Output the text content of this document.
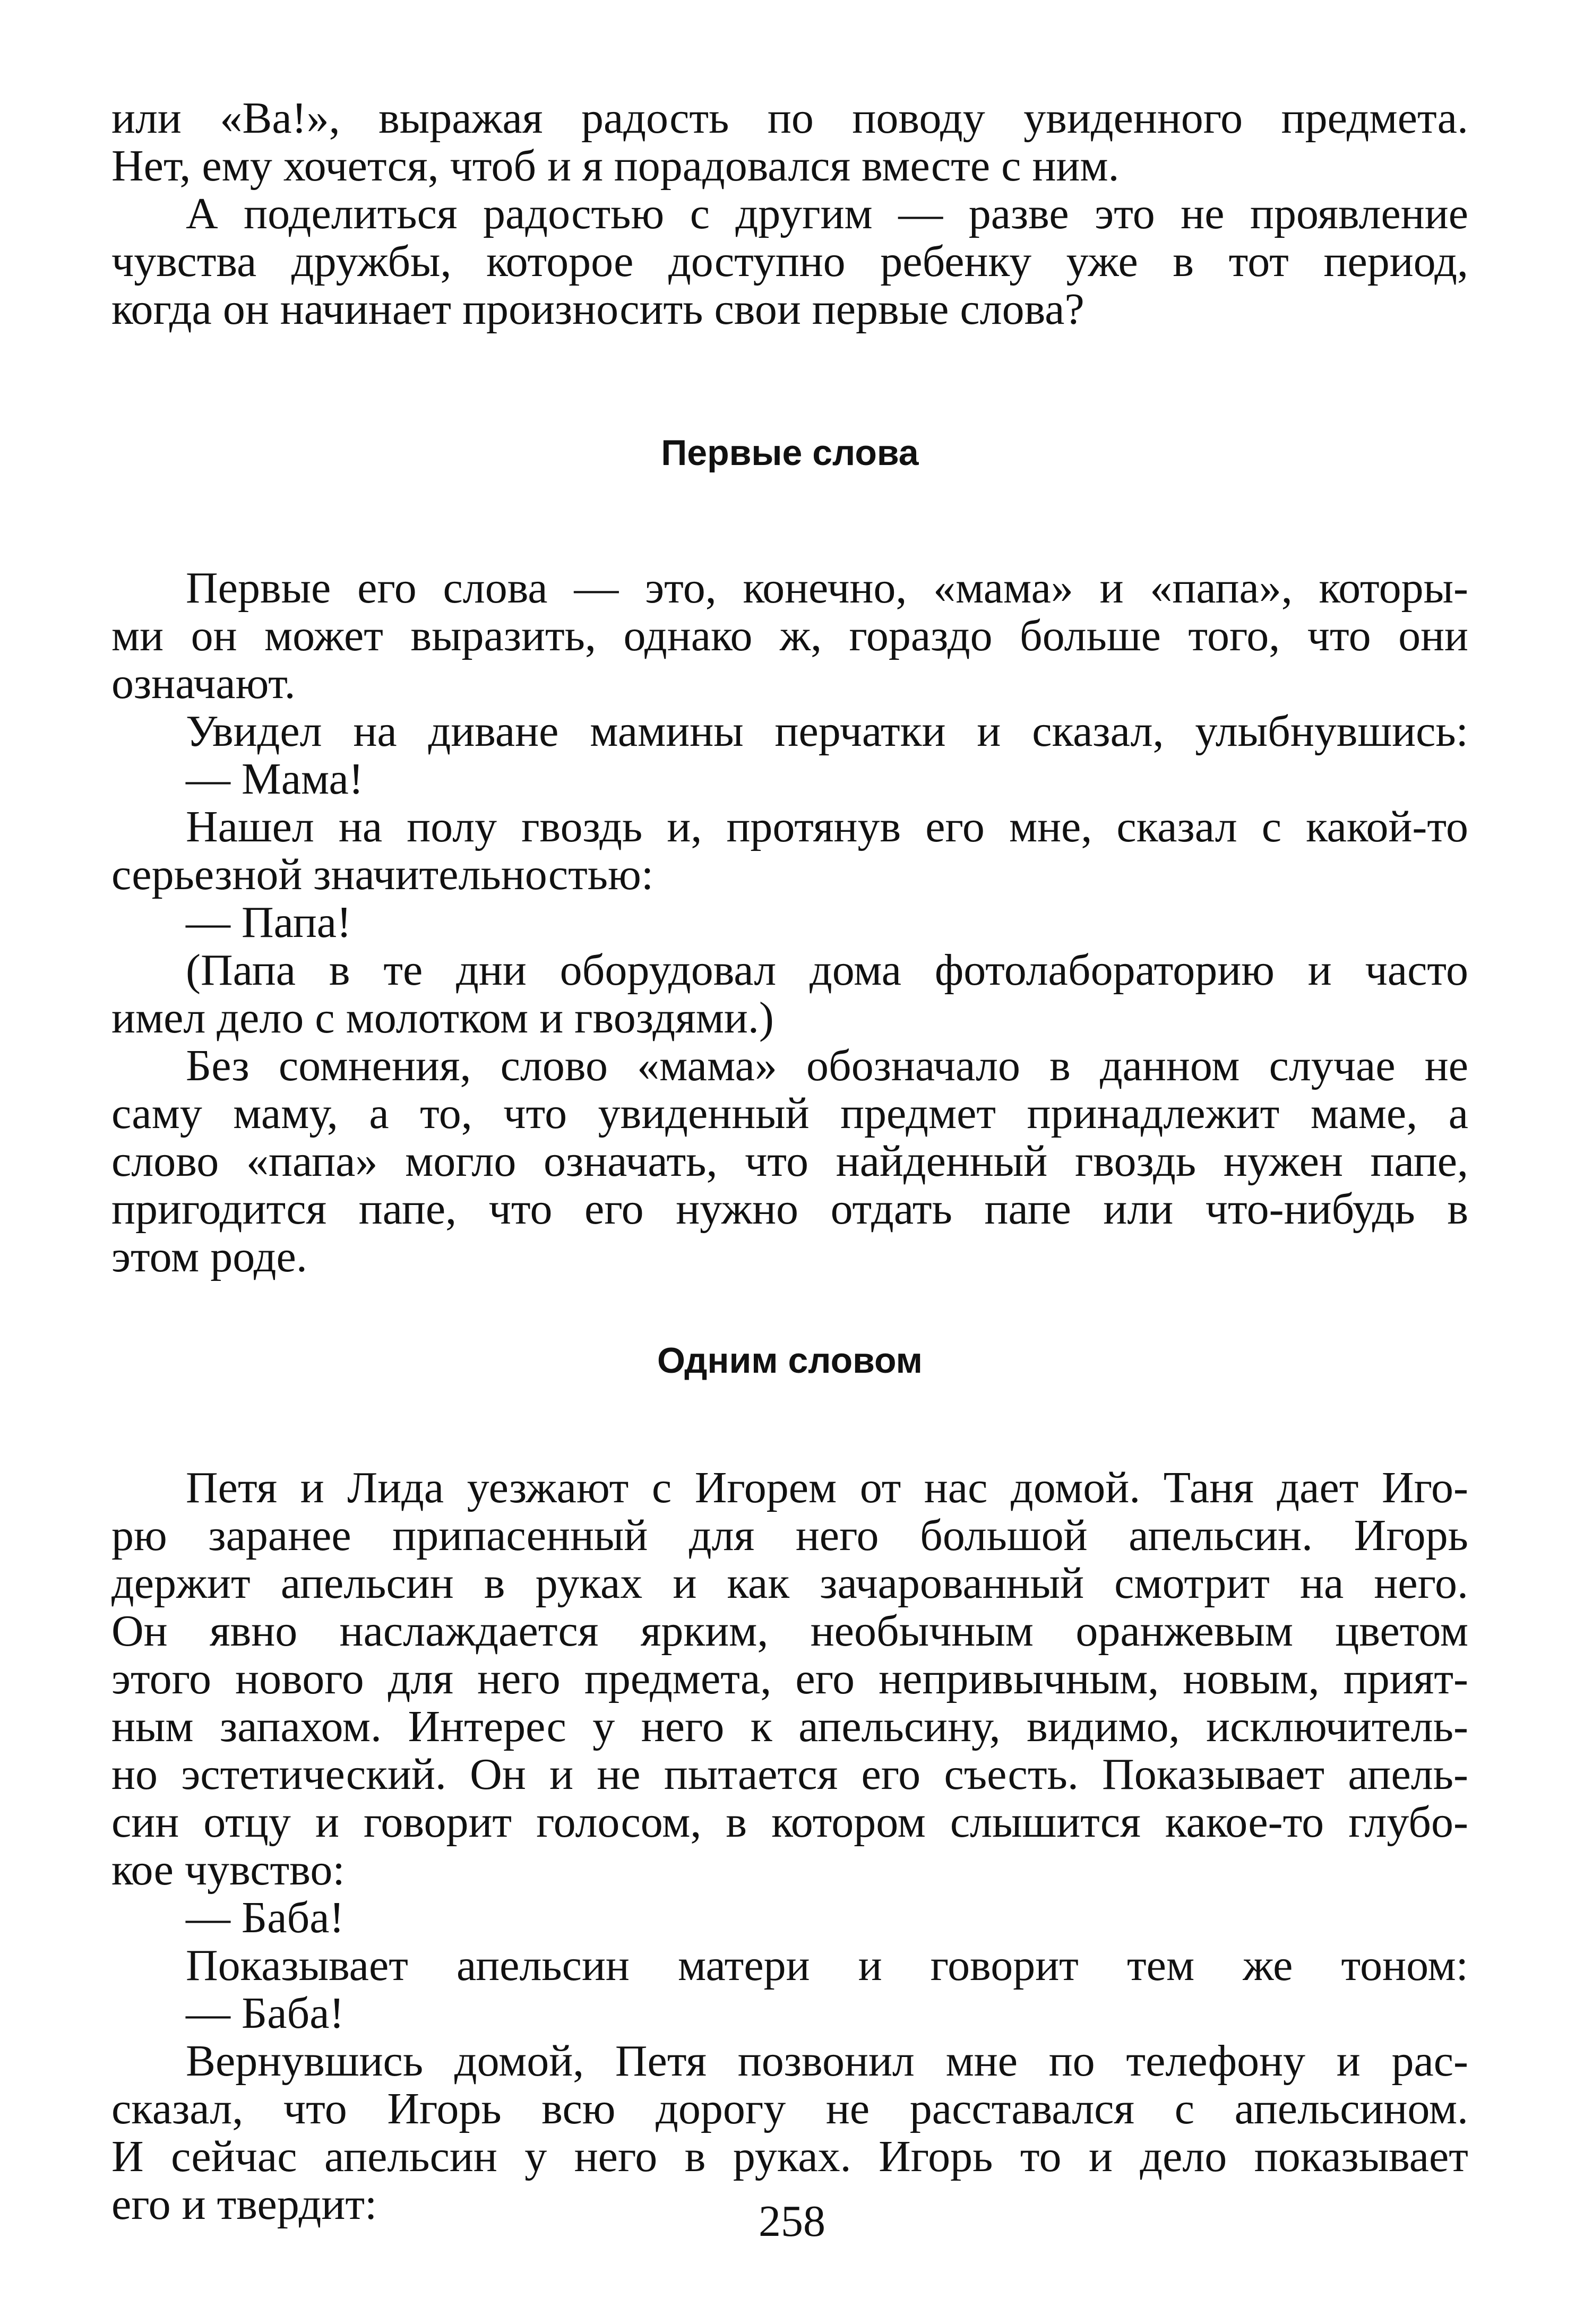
или «Ва!», выражая радость по поводу увиденного предмета.
Нет, ему хочется, чтоб и я порадовался вместе с ним.
А поделиться радостью с другим — разве это не проявление
чувства дружбы, которое доступно ребенку уже в тот период,
когда он начинает произносить свои первые слова?
Первые слова
Первые его слова — это, конечно, «мама» и «папа», которы-
ми он может выразить, однако ж, гораздо больше того, что они
означают.
Увидел на диване мамины перчатки и сказал, улыбнувшись:
— Мама!
Нашел на полу гвоздь и, протянув его мне, сказал с какой-то
серьезной значительностью:
— Папа!
(Папа в те дни оборудовал дома фотолабораторию и часто
имел дело с молотком и гвоздями.)
Без сомнения, слово «мама» обозначало в данном случае не
саму маму, а то, что увиденный предмет принадлежит маме, а
слово «папа» могло означать, что найденный гвоздь нужен папе,
пригодится папе, что его нужно отдать папе или что-нибудь в
этом роде.
Одним словом
Петя и Лида уезжают с Игорем от нас домой. Таня дает Иго-
рю заранее припасенный для него большой апельсин. Игорь
держит апельсин в руках и как зачарованный смотрит на него.
Он явно наслаждается ярким, необычным оранжевым цветом
этого нового для него предмета, его непривычным, новым, прият-
ным запахом. Интерес у него к апельсину, видимо, исключитель-
но эстетический. Он и не пытается его съесть. Показывает апель-
син отцу и говорит голосом, в котором слышится какое-то глубо-
кое чувство:
— Баба!
Показывает апельсин матери и говорит тем же тоном:
— Баба!
Вернувшись домой, Петя позвонил мне по телефону и рас-
сказал, что Игорь всю дорогу не расставался с апельсином.
И сейчас апельсин у него в руках. Игорь то и дело показывает
его и твердит:	258
